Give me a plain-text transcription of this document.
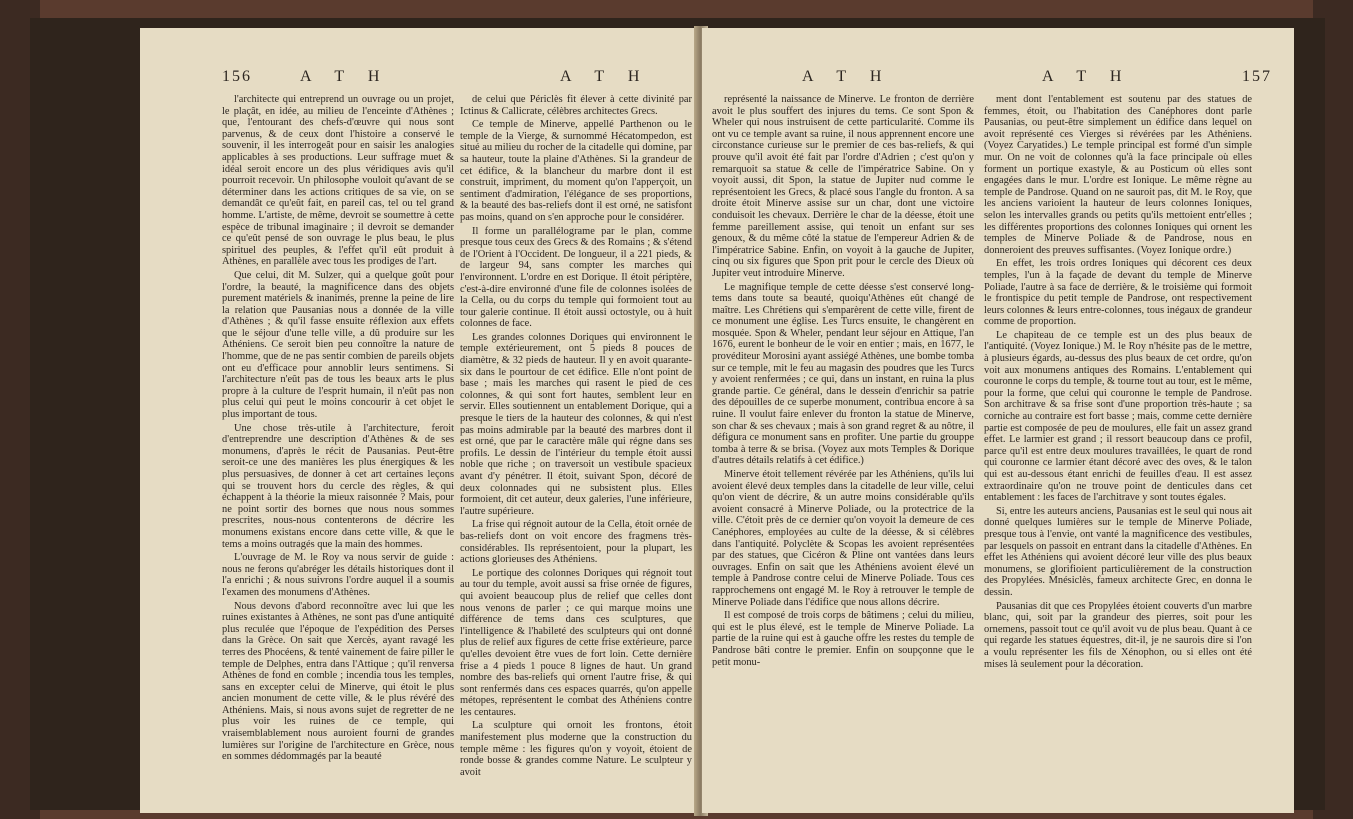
156	A T H	A T H

l'architecte qui entreprend un ouvrage ou un projet, le plaçât, en idée, au milieu de l'enceinte d'Athènes ; que, l'entourant des chefs-d'œuvre qui nous sont parvenus, & de ceux dont l'histoire a conservé le souvenir, il les interrogeât pour en saisir les analogies applicables à ses productions. Leur suffrage muet & idéal seroit encore un des plus véridiques avis qu'il pourroit recevoir. Un philosophe vouloit qu'avant de se déterminer dans les actions critiques de sa vie, on se demandât ce qu'eût fait, en pareil cas, tel ou tel grand homme. L'artiste, de même, devroit se soumettre à cette espèce de tribunal imaginaire ; il devroit se demander ce qu'eût pensé de son ouvrage le plus beau, le plus spirituel des peuples, & l'effet qu'il eût produit à Athènes, en parallèle avec tous les prodiges de l'art.

Que celui, dit M. Sulzer, qui a quelque goût pour l'ordre, la beauté, la magnificence dans des objets purement matériels & inanimés, prenne la peine de lire la relation que Pausanias nous a donnée de la ville d'Athènes ; & qu'il fasse ensuite réflexion aux effets que le séjour d'une telle ville, a dû produire sur les Athéniens. Ce seroit bien peu connoître la nature de l'homme, que de ne pas sentir combien de pareils objets ont eu d'efficace pour annoblir leurs sentimens. Si l'architecture n'eût pas de tous les beaux arts le plus propre à la culture de l'esprit humain, il n'eût pas non plus celui qui peut le moins concourir à cet objet le plus important de tous.

Une chose très-utile à l'architecture, feroit d'entreprendre une description d'Athènes & de ses monumens, d'après le récit de Pausanias. Peut-être seroit-ce une des manières les plus énergiques & les plus persuasives, de donner à cet art certaines leçons qui se trouvent hors du cercle des règles, & qui échappent à la théorie la mieux raisonnée ? Mais, pour ne point sortir des bornes que nous nous sommes prescrites, nous-nous contenterons de décrire les monumens existans encore dans cette ville, & que le tems a moins outragés que la main des hommes.

L'ouvrage de M. le Roy va nous servir de guide : nous ne ferons qu'abréger les détails historiques dont il l'a enrichi ; & nous suivrons l'ordre auquel il a soumis l'examen des monumens d'Athènes.

Nous devons d'abord reconnoître avec lui que les ruines existantes à Athènes, ne sont pas d'une antiquité plus reculée que l'époque de l'expédition des Perses dans la Grèce. On sait que Xercès, ayant ravagé les terres des Phocéens, & tenté vainement de faire piller le temple de Delphes, entra dans l'Attique ; qu'il renversa Athènes de fond en comble ; incendia tous les temples, sans en excepter celui de Minerve, qui étoit le plus ancien monument de cette ville, & le plus révéré des Athéniens. Mais, si nous avons sujet de regretter de ne plus voir les ruines de ce temple, qui vraisemblablement nous auroient fourni de grandes lumières sur l'origine de l'architecture en Grèce, nous en sommes dédommagés par la beauté

de celui que Périclès fit élever à cette divinité par Ictinus & Callicrate, célèbres architectes Grecs.

Ce temple de Minerve, appellé Parthenon ou le temple de la Vierge, & surnommé Hécatompedon, est situé au milieu du rocher de la citadelle qui domine, par sa hauteur, toute la plaine d'Athènes. Si la grandeur de cet édifice, & la blancheur du marbre dont il est construit, impriment, du moment qu'on l'apperçoit, un sentiment d'admiration, l'élégance de ses proportions, & la beauté des bas-reliefs dont il est orné, ne satisfont pas moins, quand on s'en approche pour le considérer.

Il forme un parallélograme par le plan, comme presque tous ceux des Grecs & des Romains ; & s'étend de l'Orient à l'Occident. De longueur, il a 221 pieds, & de largeur 94, sans compter les marches qui l'environnent. L'ordre en est Dorique. Il étoit périptère, c'est-à-dire environné d'une file de colonnes isolées de la Cella, ou du corps du temple qui formoient tout au tour galerie continue. Il étoit aussi octostyle, ou à huit colonnes de face.

Les grandes colonnes Doriques qui environnent le temple extérieurement, ont 5 pieds 8 pouces de diamètre, & 32 pieds de hauteur. Il y en avoit quarante-six dans le pourtour de cet édifice. Elle n'ont point de base ; mais les marches qui rasent le pied de ces colonnes, & qui sont fort hautes, semblent leur en servir. Elles soutiennent un entablement Dorique, qui a presque le tiers de la hauteur des colonnes, & qui n'est pas moins admirable par la beauté des marbres dont il est orné, que par le caractère mâle qui régne dans ses profils. Le dessin de l'intérieur du temple étoit aussi noble que riche ; on traversoit un vestibule spacieux avant d'y pénétrer. Il étoit, suivant Spon, décoré de deux colonnades qui ne subsistent plus. Elles formoient, dit cet auteur, deux galeries, l'une inférieure, l'autre supérieure.

La frise qui régnoit autour de la Cella, étoit ornée de bas-reliefs dont on voit encore des fragmens très-considérables. Ils représentoient, pour la plupart, les actions glorieuses des Athéniens.

Le portique des colonnes Doriques qui régnoit tout au tour du temple, avoit aussi sa frise ornée de figures, qui avoient beaucoup plus de relief que celles dont nous venons de parler ; ce qui marque moins une différence de tems dans ces sculptures, que l'intelligence & l'habileté des sculpteurs qui ont donné plus de relief aux figures de cette frise extérieure, parce qu'elles devoient être vues de fort loin. Cette dernière frise a 4 pieds 1 pouce 8 lignes de haut. Un grand nombre des bas-reliefs qui ornent l'autre frise, & qui sont renfermés dans ces espaces quarrés, qu'on appelle métopes, représentent le combat des Athéniens contre les centaures.

La sculpture qui ornoit les frontons, étoit manifestement plus moderne que la construction du temple même : les figures qu'on y voyoit, étoient de ronde bosse & grandes comme Nature. Le sculpteur y avoit

A T H	A T H	157

représenté la naissance de Minerve. Le fronton de derrière avoit le plus souffert des injures du tems. Ce sont Spon & Wheler qui nous instruisent de cette particularité. Comme ils ont vu ce temple avant sa ruine, il nous apprennent encore une circonstance curieuse sur le premier de ces bas-reliefs, & qui prouve qu'il avoit été fait par l'ordre d'Adrien ; c'est qu'on y remarquoit sa statue & celle de l'impératrice Sabine. On y voyoit aussi, dit Spon, la statue de Jupiter nud comme le représentoient les Grecs, & placé sous l'angle du fronton. A sa droite étoit Minerve assise sur un char, dont une victoire conduisoit les chevaux. Derrière le char de la déesse, étoit une femme pareillement assise, qui tenoit un enfant sur ses genoux, & du même côté la statue de l'empereur Adrien & de l'impératrice Sabine. Enfin, on voyoit à la gauche de Jupiter, cinq ou six figures que Spon prit pour le cercle des Dieux où Jupiter veut introduire Minerve.

Le magnifique temple de cette déesse s'est conservé long-tems dans toute sa beauté, quoiqu'Athènes eût changé de maître. Les Chrétiens qui s'emparèrent de cette ville, firent de ce monument une église. Les Turcs ensuite, le changèrent en mosquée. Spon & Wheler, pendant leur séjour en Attique, l'an 1676, eurent le bonheur de le voir en entier ; mais, en 1677, le provéditeur Morosini ayant assiégé Athènes, une bombe tomba sur ce temple, mit le feu au magasin des poudres que les Turcs y avoient renfermées ; ce qui, dans un instant, en ruina la plus grande partie. Ce général, dans le dessein d'enrichir sa patrie des dépouilles de ce superbe monument, contribua encore à sa ruine. Il voulut faire enlever du fronton la statue de Minerve, son char & ses chevaux ; mais à son grand regret & au nôtre, il défigura ce monument sans en profiter. Une partie du grouppe tomba à terre & se brisa. (Voyez aux mots Temples & Dorique d'autres détails relatifs à cet édifice.)

Minerve étoit tellement révérée par les Athéniens, qu'ils lui avoient élevé deux temples dans la citadelle de leur ville, celui qu'on vient de décrire, & un autre moins considérable qu'ils avoient consacré à Minerve Poliade, ou la protectrice de la ville. C'étoit près de ce dernier qu'on voyoit la demeure de ces Canéphores, employées au culte de la déesse, & si célèbres dans l'antiquité. Polyclète & Scopas les avoient représentées par des statues, que Cicéron & Pline ont vantées dans leurs ouvrages. Enfin on sait que les Athéniens avoient élevé un temple à Pandrose contre celui de Minerve Poliade. Tous ces rapprochemens ont engagé M. le Roy à retrouver le temple de Minerve Poliade dans l'édifice que nous allons décrire.

Il est composé de trois corps de bâtimens ; celui du milieu, qui est le plus élevé, est le temple de Minerve Poliade. La partie de la ruine qui est à gauche offre les restes du temple de Pandrose bâti contre le premier. Enfin on soupçonne que le petit monu-

ment dont l'entablement est soutenu par des statues de femmes, étoit, ou l'habitation des Canéphores dont parle Pausanias, ou peut-être simplement un édifice dans lequel on avoit représenté ces Vierges si révérées par les Athéniens. (Voyez Caryatides.) Le temple principal est formé d'un simple mur. On ne voit de colonnes qu'à la face principale où elles forment un portique exastyle, & au Posticum où elles sont engagées dans le mur. L'ordre est Ionique. Le même règne au temple de Pandrose. Quand on ne sauroit pas, dit M. le Roy, que les anciens varioient la hauteur de leurs colonnes Ioniques, selon les intervalles grands ou petits qu'ils mettoient entr'elles ; les différentes proportions des colonnes Ioniques qui ornent les temples de Minerve Poliade & de Pandrose, nous en donneroient des preuves suffisantes. (Voyez Ionique ordre.)

En effet, les trois ordres Ioniques qui décorent ces deux temples, l'un à la façade de devant du temple de Minerve Poliade, l'autre à sa face de derrière, & le troisième qui formoit le frontispice du petit temple de Pandrose, ont respectivement leurs colonnes & leurs entre-colonnes, tous inégaux de grandeur comme de proportion.

Le chapiteau de ce temple est un des plus beaux de l'antiquité. (Voyez Ionique.) M. le Roy n'hésite pas de le mettre, à plusieurs égards, au-dessus des plus beaux de cet ordre, qu'on voit aux monumens antiques des Romains. L'entablement qui couronne le corps du temple, & tourne tout au tour, est le même, pour la forme, que celui qui couronne le temple de Pandrose. Son architrave & sa frise sont d'une proportion très-haute ; sa corniche au contraire est fort basse ; mais, comme cette dernière partie est composée de peu de moulures, elle fait un assez grand effet. Le larmier est grand ; il ressort beaucoup dans ce profil, parce qu'il est entre deux moulures travaillées, le quart de rond qui couronne ce larmier étant décoré avec des oves, & le talon qui est au-dessous étant enrichi de feuilles d'eau. Il est assez extraordinaire qu'on ne trouve point de denticules dans cet entablement : les faces de l'architrave y sont toutes égales.

Si, entre les auteurs anciens, Pausanias est le seul qui nous ait donné quelques lumières sur le temple de Minerve Poliade, presque tous à l'envie, ont vanté la magnificence des vestibules, par lesquels on passoit en entrant dans la citadelle d'Athènes. En effet les Athéniens qui avoient décoré leur ville des plus beaux monumens, se glorifioient particulièrement de la construction des Propylées. Mnésiclès, fameux architecte Grec, en donna le dessin.

Pausanias dit que ces Propylées étoient couverts d'un marbre blanc, qui, soit par la grandeur des pierres, soit pour les ornemens, passoit tout ce qu'il avoit vu de plus beau. Quant à ce qui regarde les statues équestres, dit-il, je ne saurois dire si l'on a voulu représenter les fils de Xénophon, ou si elles ont été mises là seulement pour la décoration.
